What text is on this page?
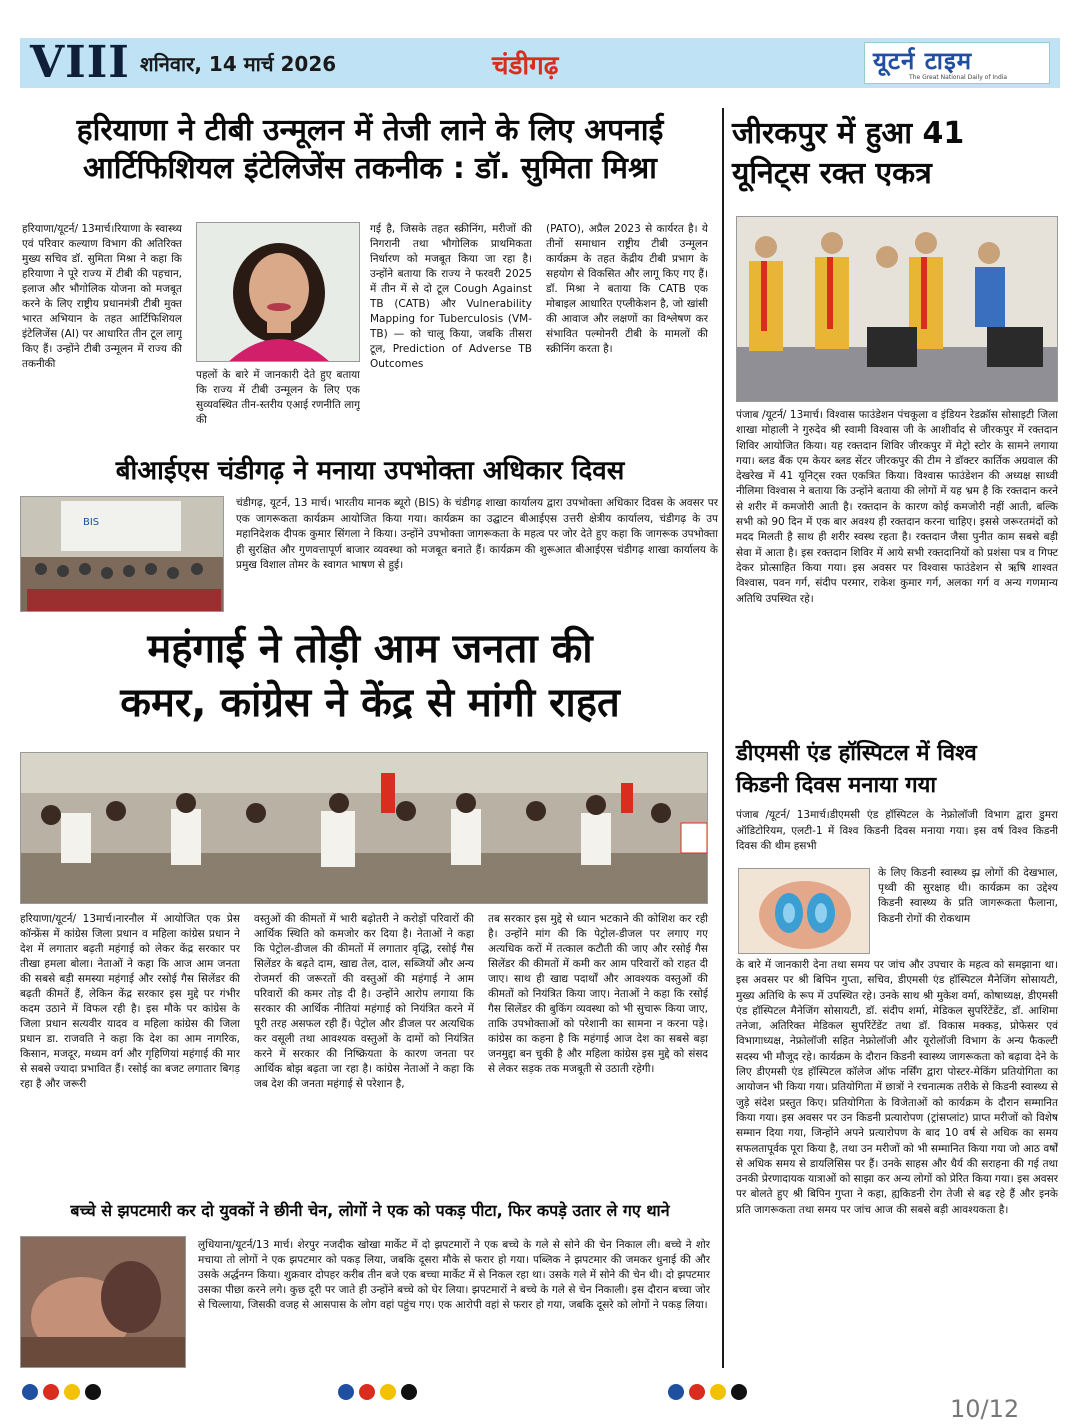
VIII शनिवार, 14 मार्च 2026	चंडीगढ़	यूटर्न टाइम
The Great National Daily of India
हरियाणा ने टीबी उन्मूलन में तेजी लाने के लिए अपनाई
आर्टिफिशियल इंटेलिजेंस तकनीक : डॉ. सुमिता मिश्रा
हरियाणा/यूटर्न/ 13मार्च।रियाणा के स्वास्थ्य एवं परिवार कल्याण विभाग की अतिरिक्त मुख्य सचिव डॉ. सुमिता मिश्रा ने कहा कि हरियाणा ने पूरे राज्य में टीबी की पहचान, इलाज और भौगोलिक योजना को मजबूत करने के लिए राष्ट्रीय प्रधानमंत्री टीबी मुक्त भारत अभियान के तहत आर्टिफिशियल इंटेलिजेंस (AI) पर आधारित तीन टूल लागू किए हैं। उन्होंने टीबी उन्मूलन में राज्य की तकनीकी
पहलों के बारे में जानकारी देते हुए बताया कि राज्य में टीबी उन्मूलन के लिए एक सुव्यवस्थित तीन-स्तरीय एआई रणनीति लागू की
गई है, जिसके तहत स्क्रीनिंग, मरीजों की निगरानी तथा भौगोलिक प्राथमिकता निर्धारण को मजबूत किया जा रहा है। उन्होंने बताया कि राज्य ने फरवरी 2025 में तीन में से दो टूल Cough Against TB (CATB) और Vulnerability Mapping for Tuberculosis (VM-TB) — को चालू किया, जबकि तीसरा टूल, Prediction of Adverse TB Outcomes
(PATO), अप्रैल 2023 से कार्यरत है। ये तीनों समाधान राष्ट्रीय टीबी उन्मूलन कार्यक्रम के तहत केंद्रीय टीबी प्रभाग के सहयोग से विकसित और लागू किए गए हैं। डॉ. मिश्रा ने बताया कि CATB एक मोबाइल आधारित एप्लीकेशन है, जो खांसी की आवाज और लक्षणों का विश्लेषण कर संभावित पल्मोनरी टीबी के मामलों की स्क्रीनिंग करता है।
बीआईएस चंडीगढ़ ने मनाया उपभोक्ता अधिकार दिवस
BIS
चंडीगढ़, यूटर्न, 13 मार्च। भारतीय मानक ब्यूरो (BIS) के चंडीगढ़ शाखा कार्यालय द्वारा उपभोक्ता अधिकार दिवस के अवसर पर एक जागरूकता कार्यक्रम आयोजित किया गया। कार्यक्रम का उद्घाटन बीआईएस उत्तरी क्षेत्रीय कार्यालय, चंडीगढ़ के उप महानिदेशक दीपक कुमार सिंगला ने किया। उन्होंने उपभोक्ता जागरूकता के महत्व पर जोर देते हुए कहा कि जागरूक उपभोक्ता ही सुरक्षित और गुणवत्तापूर्ण बाजार व्यवस्था को मजबूत बनाते हैं। कार्यक्रम की शुरूआत बीआईएस चंडीगढ़ शाखा कार्यालय के प्रमुख विशाल तोमर के स्वागत भाषण से हुई।
महंगाई ने तोड़ी आम जनता की
कमर, कांग्रेस ने केंद्र से मांगी राहत
हरियाणा/यूटर्न/ 13मार्च।नारनौल में आयोजित एक प्रेस कॉन्फ्रेंस में कांग्रेस जिला प्रधान व महिला कांग्रेस प्रधान ने देश में लगातार बढ़ती महंगाई को लेकर केंद्र सरकार पर तीखा हमला बोला। नेताओं ने कहा कि आज आम जनता की सबसे बड़ी समस्या महंगाई और रसोई गैस सिलेंडर की बढ़ती कीमतें हैं, लेकिन केंद्र सरकार इस मुद्दे पर गंभीर कदम उठाने में विफल रही है। इस मौके पर कांग्रेस के जिला प्रधान सत्यवीर यादव व महिला कांग्रेस की जिला प्रधान डा. राजवति ने कहा कि देश का आम नागरिक, किसान, मजदूर, मध्यम वर्ग और गृहिणियां महंगाई की मार से सबसे ज्यादा प्रभावित हैं। रसोई का बजट लगातार बिगड़ रहा है और जरूरी
वस्तुओं की कीमतों में भारी बढ़ोतरी ने करोड़ों परिवारों की आर्थिक स्थिति को कमजोर कर दिया है। नेताओं ने कहा कि पेट्रोल-डीजल की कीमतों में लगातार वृद्धि, रसोई गैस सिलेंडर के बढ़ते दाम, खाद्य तेल, दाल, सब्जियों और अन्य रोजमर्रा की जरूरतों की वस्तुओं की महंगाई ने आम परिवारों की कमर तोड़ दी है। उन्होंने आरोप लगाया कि सरकार की आर्थिक नीतियां महंगाई को नियंत्रित करने में पूरी तरह असफल रही हैं। पेट्रोल और डीजल पर अत्यधिक कर वसूली तथा आवश्यक वस्तुओं के दामों को नियंत्रित करने में सरकार की निष्क्रियता के कारण जनता पर आर्थिक बोझ बढ़ता जा रहा है। कांग्रेस नेताओं ने कहा कि जब देश की जनता महंगाई से परेशान है,
तब सरकार इस मुद्दे से ध्यान भटकाने की कोशिश कर रही है। उन्होंने मांग की कि पेट्रोल-डीजल पर लगाए गए अत्यधिक करों में तत्काल कटौती की जाए और रसोई गैस सिलेंडर की कीमतों में कमी कर आम परिवारों को राहत दी जाए। साथ ही खाद्य पदार्थों और आवश्यक वस्तुओं की कीमतों को नियंत्रित किया जाए। नेताओं ने कहा कि रसोई गैस सिलेंडर की बुकिंग व्यवस्था को भी सुचारू किया जाए, ताकि उपभोक्ताओं को परेशानी का सामना न करना पड़े। कांग्रेस का कहना है कि महंगाई आज देश का सबसे बड़ा जनमुद्दा बन चुकी है और महिला कांग्रेस इस मुद्दे को संसद से लेकर सड़क तक मजबूती से उठाती रहेगी।
बच्चे से झपटमारी कर दो युवकों ने छीनी चेन, लोगों ने एक को पकड़ पीटा, फिर कपड़े उतार ले गए थाने
लुधियाना/यूटर्न/13 मार्च। शेरपुर नजदीक खोखा मार्केट में दो झपटमारों ने एक बच्चे के गले से सोने की चेन निकाल ली। बच्चे ने शोर मचाया तो लोगों ने एक झपटमार को पकड़ लिया, जबकि दूसरा मौके से फरार हो गया। पब्लिक ने झपटमार की जमकर धुनाई की और उसके अर्द्धनग्न किया। शुक्रवार दोपहर करीब तीन बजे एक बच्चा मार्केट में से निकल रहा था। उसके गले में सोने की चेन थी। दो झपटमार उसका पीछा करने लगे। कुछ दूरी पर जाते ही उन्होंने बच्चे को घेर लिया। झपटमारों ने बच्चे के गले से चेन निकाली। इस दौरान बच्चा जोर से चिल्लाया, जिसकी वजह से आसपास के लोग वहां पहुंच गए। एक आरोपी वहां से फरार हो गया, जबकि दूसरे को लोगों ने पकड़ लिया।
जीरकपुर में हुआ 41
यूनिट्स रक्त एकत्र
पंजाब /यूटर्न/ 13मार्च। विश्वास फाउंडेशन पंचकूला व इंडियन रेडक्रॉस सोसाइटी जिला शाखा मोहाली ने गुरुदेव श्री स्वामी विश्वास जी के आशीर्वाद से जीरकपुर में रक्तदान शिविर आयोजित किया। यह रक्तदान शिविर जीरकपुर में मेट्रो स्टोर के सामने लगाया गया। ब्लड बैंक एम केयर ब्लड सेंटर जीरकपुर की टीम ने डॉक्टर कार्तिक अग्रवाल की देखरेख में 41 यूनिट्स रक्त एकत्रित किया। विश्वास फाउंडेशन की अध्यक्ष साध्वी नीलिमा विश्वास ने बताया कि उन्होंने बताया की लोगों में यह भ्रम है कि रक्तदान करने से शरीर में कमजोरी आती है। रक्तदान के कारण कोई कमजोरी नहीं आती, बल्कि सभी को 90 दिन में एक बार अवश्य ही रक्तदान करना चाहिए। इससे जरूरतमंदों को मदद मिलती है साथ ही शरीर स्वस्थ रहता है। रक्तदान जैसा पुनीत काम सबसे बड़ी सेवा में आता है। इस रक्तदान शिविर में आये सभी रक्तदानियों को प्रशंसा पत्र व गिफ्ट देकर प्रोत्साहित किया गया। इस अवसर पर विश्वास फाउंडेशन से ऋषि शाश्वत विश्वास, पवन गर्ग, संदीप परमार, राकेश कुमार गर्ग, अलका गर्ग व अन्य गणमान्य अतिथि उपस्थित रहे।
डीएमसी एंड हॉस्पिटल में विश्व
किडनी दिवस मनाया गया
पंजाब /यूटर्न/ 13मार्च।डीएमसी एंड हॉस्पिटल के नेफ्रोलॉजी विभाग द्वारा डुमरा ऑडिटोरियम, एलटी-1 में विश्व किडनी दिवस मनाया गया। इस वर्ष विश्व किडनी दिवस की थीम हसभी
के लिए किडनी स्वास्थ्य झ्र लोगों की देखभाल, पृथ्वी की सुरक्षाह थी। कार्यक्रम का उद्देश्य किडनी स्वास्थ्य के प्रति जागरूकता फैलाना, किडनी रोगों की रोकथाम
के बारे में जानकारी देना तथा समय पर जांच और उपचार के महत्व को समझाना था। इस अवसर पर श्री बिपिन गुप्ता, सचिव, डीएमसी एंड हॉस्पिटल मैनेजिंग सोसायटी, मुख्य अतिथि के रूप में उपस्थित रहे। उनके साथ श्री मुकेश वर्मा, कोषाध्यक्ष, डीएमसी एंड हॉस्पिटल मैनेजिंग सोसायटी, डॉ. संदीप शर्मा, मेडिकल सुपरिंटेंडेंट, डॉ. आशिमा तनेजा, अतिरिक्त मेडिकल सुपरिंटेंडेंट तथा डॉ. विकास मक्कड़, प्रोफेसर एवं विभागाध्यक्ष, नेफ्रोलॉजी सहित नेफ्रोलॉजी और यूरोलॉजी विभाग के अन्य फैकल्टी सदस्य भी मौजूद रहे। कार्यक्रम के दौरान किडनी स्वास्थ्य जागरूकता को बढ़ावा देने के लिए डीएमसी एंड हॉस्पिटल कॉलेज ऑफ नर्सिंग द्वारा पोस्टर-मेकिंग प्रतियोगिता का आयोजन भी किया गया। प्रतियोगिता में छात्रों ने रचनात्मक तरीके से किडनी स्वास्थ्य से जुड़े संदेश प्रस्तुत किए। प्रतियोगिता के विजेताओं को कार्यक्रम के दौरान सम्मानित किया गया। इस अवसर पर उन किडनी प्रत्यारोपण (ट्रांसप्लांट) प्राप्त मरीजों को विशेष सम्मान दिया गया, जिन्होंने अपने प्रत्यारोपण के बाद 10 वर्ष से अधिक का समय सफलतापूर्वक पूरा किया है, तथा उन मरीजों को भी सम्मानित किया गया जो आठ वर्षों से अधिक समय से डायलिसिस पर हैं। उनके साहस और धैर्य की सराहना की गई तथा उनकी प्रेरणादायक यात्राओं को साझा कर अन्य लोगों को प्रेरित किया गया। इस अवसर पर बोलते हुए श्री बिपिन गुप्ता ने कहा, ह्यकिडनी रोग तेजी से बढ़ रहे हैं और इनके प्रति जागरूकता तथा समय पर जांच आज की सबसे बड़ी आवश्यकता है।
10/12
